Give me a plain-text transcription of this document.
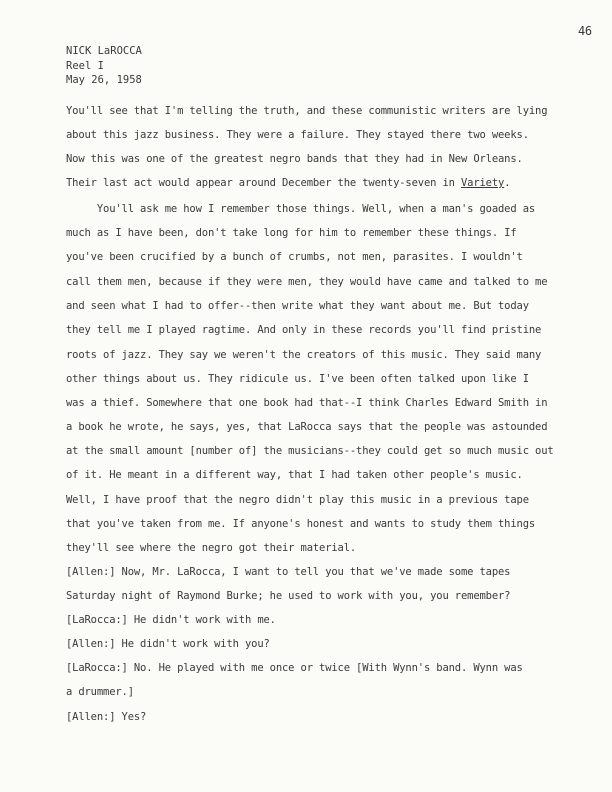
46
NICK LaROCCA
Reel I
May 26, 1958
You'll see that I'm telling the truth, and these communistic writers are lying
about this jazz business. They were a failure. They stayed there two weeks.
Now this was one of the greatest negro bands that they had in New Orleans.
Their last act would appear around December the twenty-seven in Variety.
You'll ask me how I remember those things. Well, when a man's goaded as
much as I have been, don't take long for him to remember these things. If
you've been crucified by a bunch of crumbs, not men, parasites. I wouldn't
call them men, because if they were men, they would have came and talked to me
and seen what I had to offer--then write what they want about me. But today
they tell me I played ragtime. And only in these records you'll find pristine
roots of jazz. They say we weren't the creators of this music. They said many
other things about us. They ridicule us. I've been often talked upon like I
was a thief. Somewhere that one book had that--I think Charles Edward Smith in
a book he wrote, he says, yes, that LaRocca says that the people was astounded
at the small amount [number of] the musicians--they could get so much music out
of it. He meant in a different way, that I had taken other people's music.
Well, I have proof that the negro didn't play this music in a previous tape
that you've taken from me. If anyone's honest and wants to study them things
they'll see where the negro got their material.
[Allen:] Now, Mr. LaRocca, I want to tell you that we've made some tapes
Saturday night of Raymond Burke; he used to work with you, you remember?
[LaRocca:] He didn't work with me.
[Allen:] He didn't work with you?
[LaRocca:] No. He played with me once or twice [With Wynn's band. Wynn was
a drummer.]
[Allen:] Yes?
